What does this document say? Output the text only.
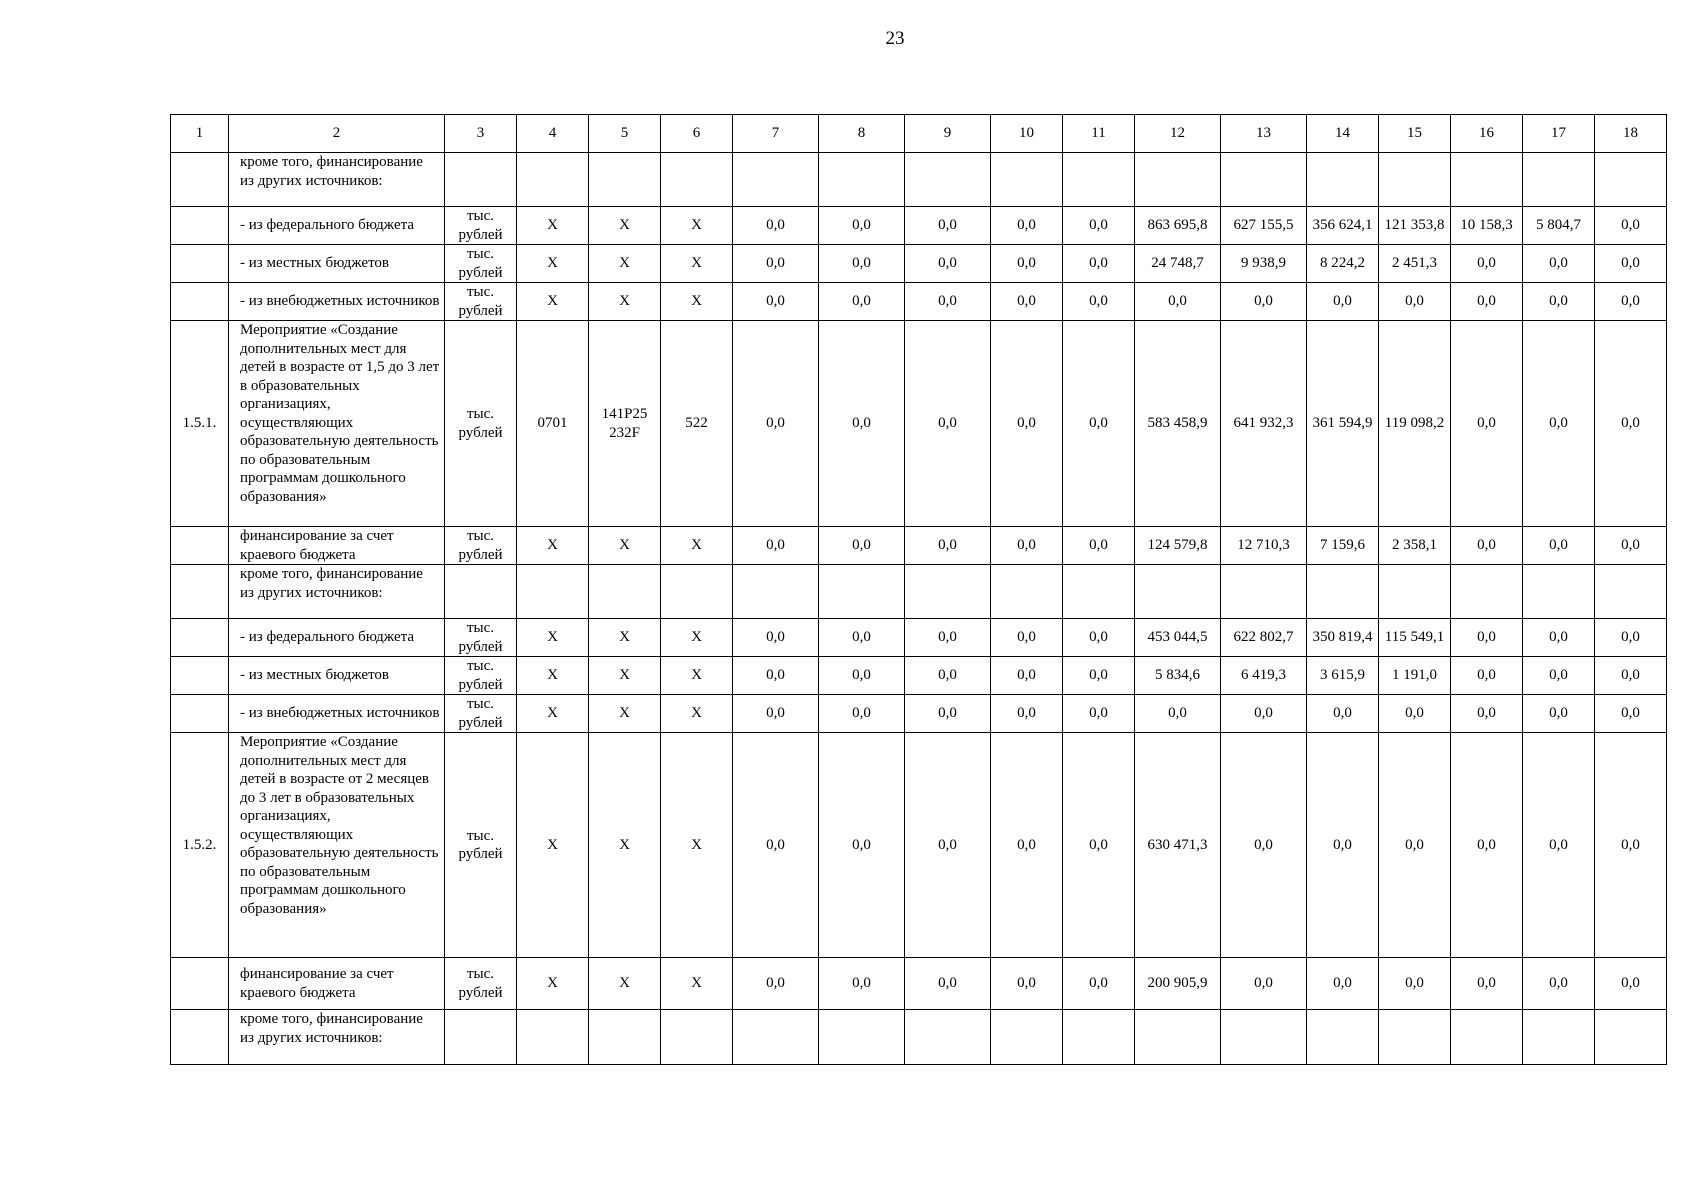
23
1	2	3	4	5	6	7	8	9	10	11	12	13	14	15	16	17	18
	кроме того, финансирование из других источников:																
	- из федерального бюджета	тыс. рублей	Х	Х	Х	0,0	0,0	0,0	0,0	0,0	863 695,8	627 155,5	356 624,1	121 353,8	10 158,3	5 804,7	0,0
	- из местных бюджетов	тыс. рублей	Х	Х	Х	0,0	0,0	0,0	0,0	0,0	24 748,7	9 938,9	8 224,2	2 451,3	0,0	0,0	0,0
	- из внебюджетных источников	тыс. рублей	Х	Х	Х	0,0	0,0	0,0	0,0	0,0	0,0	0,0	0,0	0,0	0,0	0,0	0,0
1.5.1.	Мероприятие «Создание дополнительных мест для детей в возрасте от 1,5 до 3 лет в образовательных организациях, осуществляющих образовательную деятельность по образовательным программам дошкольного образования»	тыс. рублей	0701	141P25 232F	522	0,0	0,0	0,0	0,0	0,0	583 458,9	641 932,3	361 594,9	119 098,2	0,0	0,0	0,0
	финансирование за счет краевого бюджета	тыс. рублей	Х	Х	Х	0,0	0,0	0,0	0,0	0,0	124 579,8	12 710,3	7 159,6	2 358,1	0,0	0,0	0,0
	кроме того, финансирование из других источников:																
	- из федерального бюджета	тыс. рублей	Х	Х	Х	0,0	0,0	0,0	0,0	0,0	453 044,5	622 802,7	350 819,4	115 549,1	0,0	0,0	0,0
	- из местных бюджетов	тыс. рублей	Х	Х	Х	0,0	0,0	0,0	0,0	0,0	5 834,6	6 419,3	3 615,9	1 191,0	0,0	0,0	0,0
	- из внебюджетных источников	тыс. рублей	Х	Х	Х	0,0	0,0	0,0	0,0	0,0	0,0	0,0	0,0	0,0	0,0	0,0	0,0
1.5.2.	Мероприятие «Создание дополнительных мест для детей в возрасте от 2 месяцев до 3 лет в образовательных организациях, осуществляющих образовательную деятельность по образовательным программам дошкольного образования»	тыс. рублей	Х	Х	Х	0,0	0,0	0,0	0,0	0,0	630 471,3	0,0	0,0	0,0	0,0	0,0	0,0
	финансирование за счет краевого бюджета	тыс. рублей	Х	Х	Х	0,0	0,0	0,0	0,0	0,0	200 905,9	0,0	0,0	0,0	0,0	0,0	0,0
	кроме того, финансирование из других источников:																
